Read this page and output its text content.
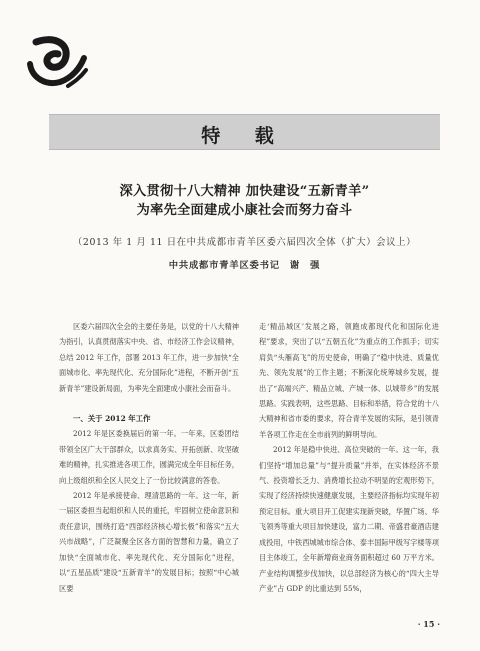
特 载
深入贯彻十八大精神 加快建设“五新青羊”
为率先全面建成小康社会而努力奋斗
（2013 年 1 月 11 日在中共成都市青羊区委六届四次全体（扩大）会议上）
中共成都市青羊区委书记　谢　强

区委六届四次全会的主要任务是，以党的十八大精神为指引，认真贯彻落实中央、省、市经济工作会议精神，总结 2012 年工作，部署 2013 年工作，进一步加快“全面城市化、率先现代化、充分国际化”进程，不断开创“五新青羊”建设新局面，为率先全面建成小康社会而奋斗。

一、关于 2012 年工作

2012 年是区委换届后的第一年。一年来，区委团结带领全区广大干部群众，以求真务实、开拓创新、攻坚破难的精神，扎实推进各项工作，圆满完成全年目标任务，向上级组织和全区人民交上了一份比较满意的答卷。

2012 年是承接使命、理清思路的一年。这一年，新一届区委担当起组织和人民的重托，牢固树立使命意识和责任意识，围绕打造“西部经济核心增长极”和落实“五大兴市战略”，广泛凝聚全区各方面的智慧和力量，确立了加快“全面城市化、率先现代化、充分国际化”进程，以“五星品质”建设“五新青羊”的发展目标；按照“中心城区要

走‘精品城区’发展之路，领跑成都现代化和国际化进程”要求，突出了以“五朝五化”为重点的工作抓手；切实肩负“头雁高飞”的历史使命，明确了“稳中快进、质量优先、领先发展”的工作主题；不断深化统筹城乡发展，提出了“高端兴产、精品立城、产城一体、以城带乡”的发展思路。实践表明，这些思路、目标和举措，符合党的十八大精神和省市委的要求，符合青羊发展的实际，是引领青羊各项工作走在全市前列的鲜明导向。

2012 年是稳中快进、高位突破的一年。这一年，我们坚持“增加总量”与“提升质量”并举，在实体经济不景气、投资增长乏力、消费增长拉动不明显的宏观形势下，实现了经济持续快速健康发展，主要经济指标均实现年初预定目标。重大项目开工促建实现新突破，华置广场、华飞领秀等重大项目加快建设，富力二期、帝盛君豪酒店建成投用，中铁西城城市综合体、泰丰国际甲级写字楼等项目主体竣工，全年新增商业商务面积超过 60 万平方米。产业结构调整步伐加快，以总部经济为核心的“四大主导产业”占 GDP 的比重达到 55%，

· 15 ·
